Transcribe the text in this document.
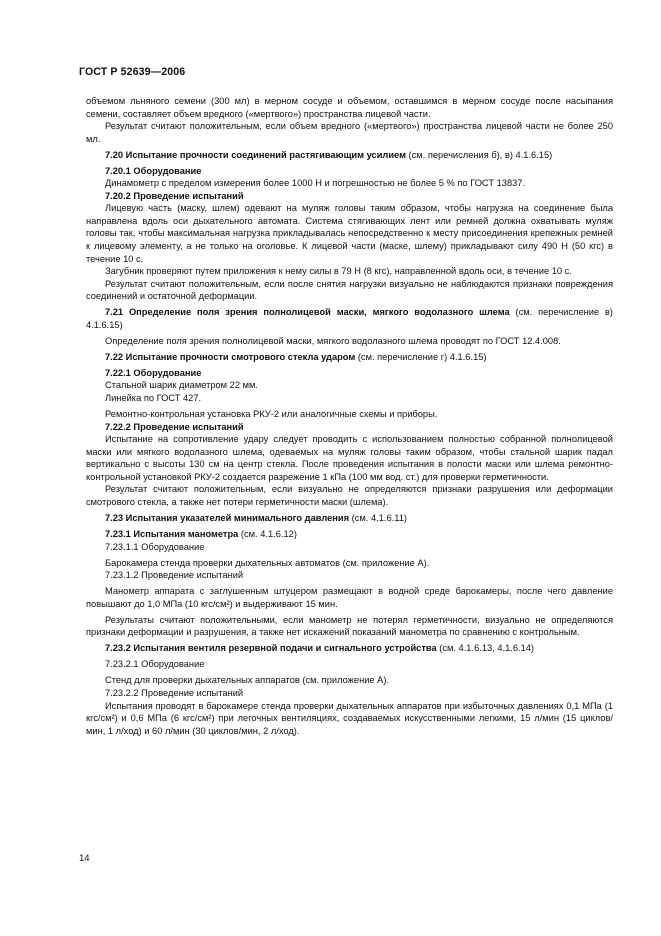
ГОСТ Р 52639—2006

объемом льняного семени (300 мл) в мерном сосуде и объемом, оставшимся в мерном сосуде после насыпания семени, составляет объем вредного («мертвого») пространства лицевой части.

Результат считают положительным, если объем вредного («мертвого») пространства лицевой части не более 250 мл.

7.20 Испытание прочности соединений растягивающим усилием (см. перечисления б), в) 4.1.6.15)

7.20.1 Оборудование

Динамометр с пределом измерения более 1000 Н и погрешностью не более 5 % по ГОСТ 13837.

7.20.2 Проведение испытаний

Лицевую часть (маску, шлем) одевают на муляж головы таким образом, чтобы нагрузка на соединение была направлена вдоль оси дыхательного автомата. Система стягивающих лент или ремней должна охватывать муляж головы так, чтобы максимальная нагрузка прикладывалась непосредственно к месту присоединения крепежных ремней к лицевому элементу, а не только на оголовье. К лицевой части (маске, шлему) прикладывают силу 490 Н (50 кгс) в течение 10 с.

Загубник проверяют путем приложения к нему силы в 79 Н (8 кгс), направленной вдоль оси, в течение 10 с.

Результат считают положительным, если после снятия нагрузки визуально не наблюдаются признаки повреждения соединений и остаточной деформации.

7.21 Определение поля зрения полнолицевой маски, мягкого водолазного шлема (см. перечисление в) 4.1.6.15)

Определение поля зрения полнолицевой маски, мягкого водолазного шлема проводят по ГОСТ 12.4.008.

7.22 Испытание прочности смотрового стекла ударом (см. перечисление г) 4.1.6.15)

7.22.1 Оборудование

Стальной шарик диаметром 22 мм.

Линейка по ГОСТ 427.

Ремонтно-контрольная установка РКУ-2 или аналогичные схемы и приборы.

7.22.2 Проведение испытаний

Испытание на сопротивление удару следует проводить с использованием полностью собранной полнолицевой маски или мягкого водолазного шлема, одеваемых на муляж головы таким образом, чтобы стальной шарик падал вертикально с высоты 130 см на центр стекла. После проведения испытания в полости маски или шлема ремонтно-контрольной установкой РКУ-2 создается разрежение 1 кПа (100 мм вод. ст.) для проверки герметичности.

Результат считают положительным, если визуально не определяются признаки разрушения или деформации смотрового стекла, а также нет потери герметичности маски (шлема).

7.23 Испытания указателей минимального давления (см. 4.1.6.11)

7.23.1 Испытания манометра (см. 4.1.6.12)

7.23.1.1 Оборудование

Барокамера стенда проверки дыхательных автоматов (см. приложение А).

7.23.1.2 Проведение испытаний

Манометр аппарата с заглушенным штуцером размещают в водной среде барокамеры, после чего давление повышают до 1,0 МПа (10 кгс/см²) и выдерживают 15 мин.

Результаты считают положительными, если манометр не потерял герметичности, визуально не определяются признаки деформации и разрушения, а также нет искажений показаний манометра по сравнению с контрольным.

7.23.2 Испытания вентиля резервной подачи и сигнального устройства (см. 4.1.6.13, 4.1.6.14)

7.23.2.1 Оборудование

Стенд для проверки дыхательных аппаратов (см. приложение А).

7.23.2.2 Проведение испытаний

Испытания проводят в барокамере стенда проверки дыхательных аппаратов при избыточных давлениях 0,1 МПа (1 кгс/см²) и 0,6 МПа (6 кгс/см²) при легочных вентиляциях, создаваемых искусственными легкими, 15 л/мин (15 циклов/мин, 1 л/ход) и 60 л/мин (30 циклов/мин, 2 л/ход).

14
